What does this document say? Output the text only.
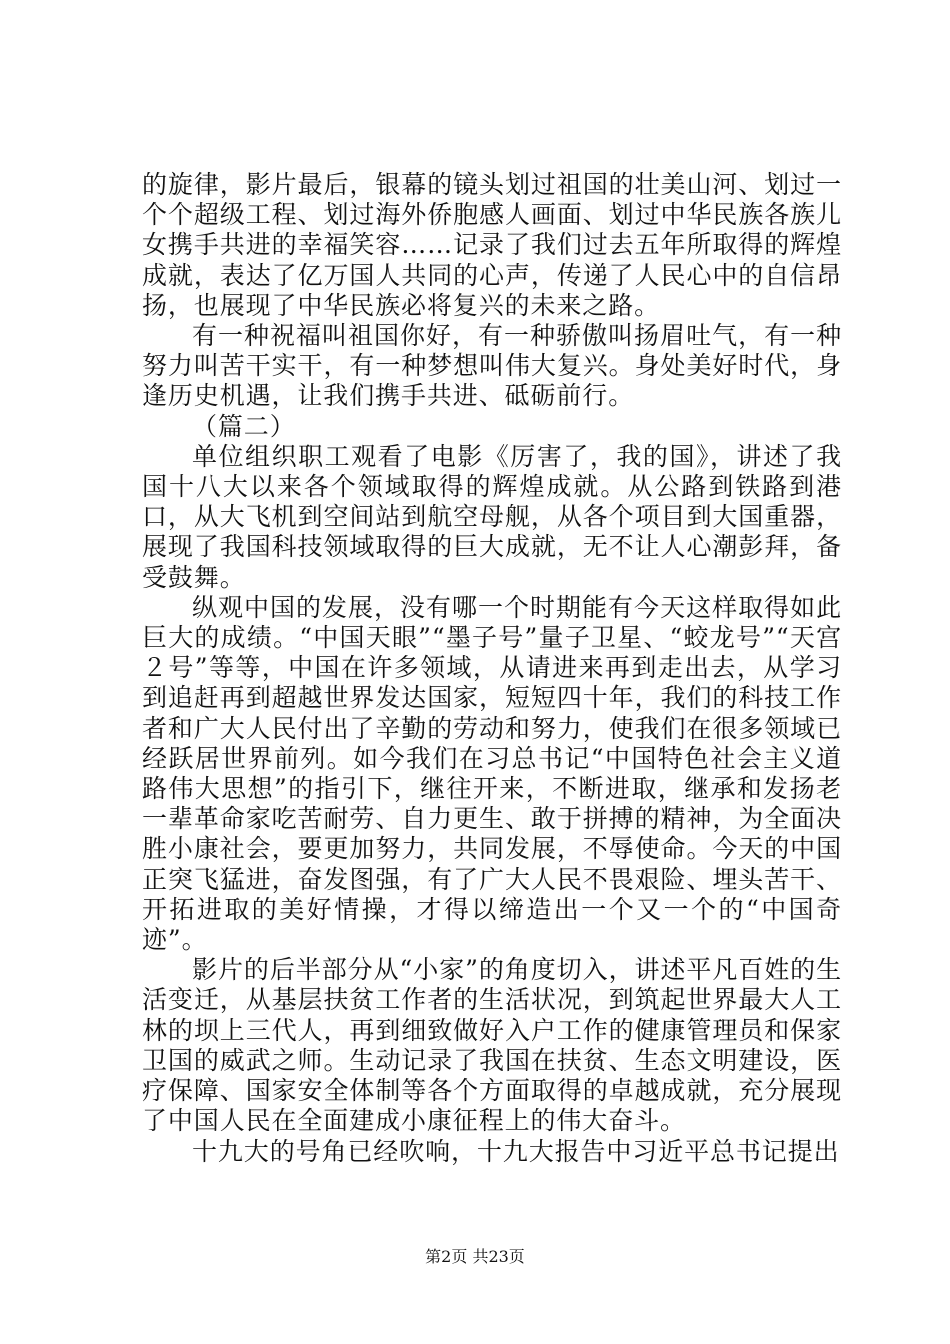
的旋律，影片最后，银幕的镜头划过祖国的壮美山河、划过一个个超级工程、划过海外侨胞感人画面、划过中华民族各族儿女携手共进的幸福笑容……记录了我们过去五年所取得的辉煌成就，表达了亿万国人共同的心声，传递了人民心中的自信昂扬，也展现了中华民族必将复兴的未来之路。

有一种祝福叫祖国你好，有一种骄傲叫扬眉吐气，有一种努力叫苦干实干，有一种梦想叫伟大复兴。身处美好时代，身逢历史机遇，让我们携手共进、砥砺前行。

（篇二）

单位组织职工观看了电影《厉害了，我的国》，讲述了我国十八大以来各个领域取得的辉煌成就。从公路到铁路到港口，从大飞机到空间站到航空母舰，从各个项目到大国重器，展现了我国科技领域取得的巨大成就，无不让人心潮彭拜，备受鼓舞。

纵观中国的发展，没有哪一个时期能有今天这样取得如此巨大的成绩。“中国天眼”“墨子号”量子卫星、“蛟龙号”“天宫２号”等等，中国在许多领域，从请进来再到走出去，从学习到追赶再到超越世界发达国家，短短四十年，我们的科技工作者和广大人民付出了辛勤的劳动和努力，使我们在很多领域已经跃居世界前列。如今我们在习总书记“中国特色社会主义道路伟大思想”的指引下，继往开来，不断进取，继承和发扬老一辈革命家吃苦耐劳、自力更生、敢于拼搏的精神，为全面决胜小康社会，要更加努力，共同发展，不辱使命。今天的中国正突飞猛进，奋发图强，有了广大人民不畏艰险、埋头苦干、开拓进取的美好情操，才得以缔造出一个又一个的“中国奇迹”。

影片的后半部分从“小家”的角度切入，讲述平凡百姓的生活变迁，从基层扶贫工作者的生活状况，到筑起世界最大人工林的坝上三代人，再到细致做好入户工作的健康管理员和保家卫国的威武之师。生动记录了我国在扶贫、生态文明建设，医疗保障、国家安全体制等各个方面取得的卓越成就，充分展现了中国人民在全面建成小康征程上的伟大奋斗。

十九大的号角已经吹响，十九大报告中习近平总书记提出

第2页 共23页
